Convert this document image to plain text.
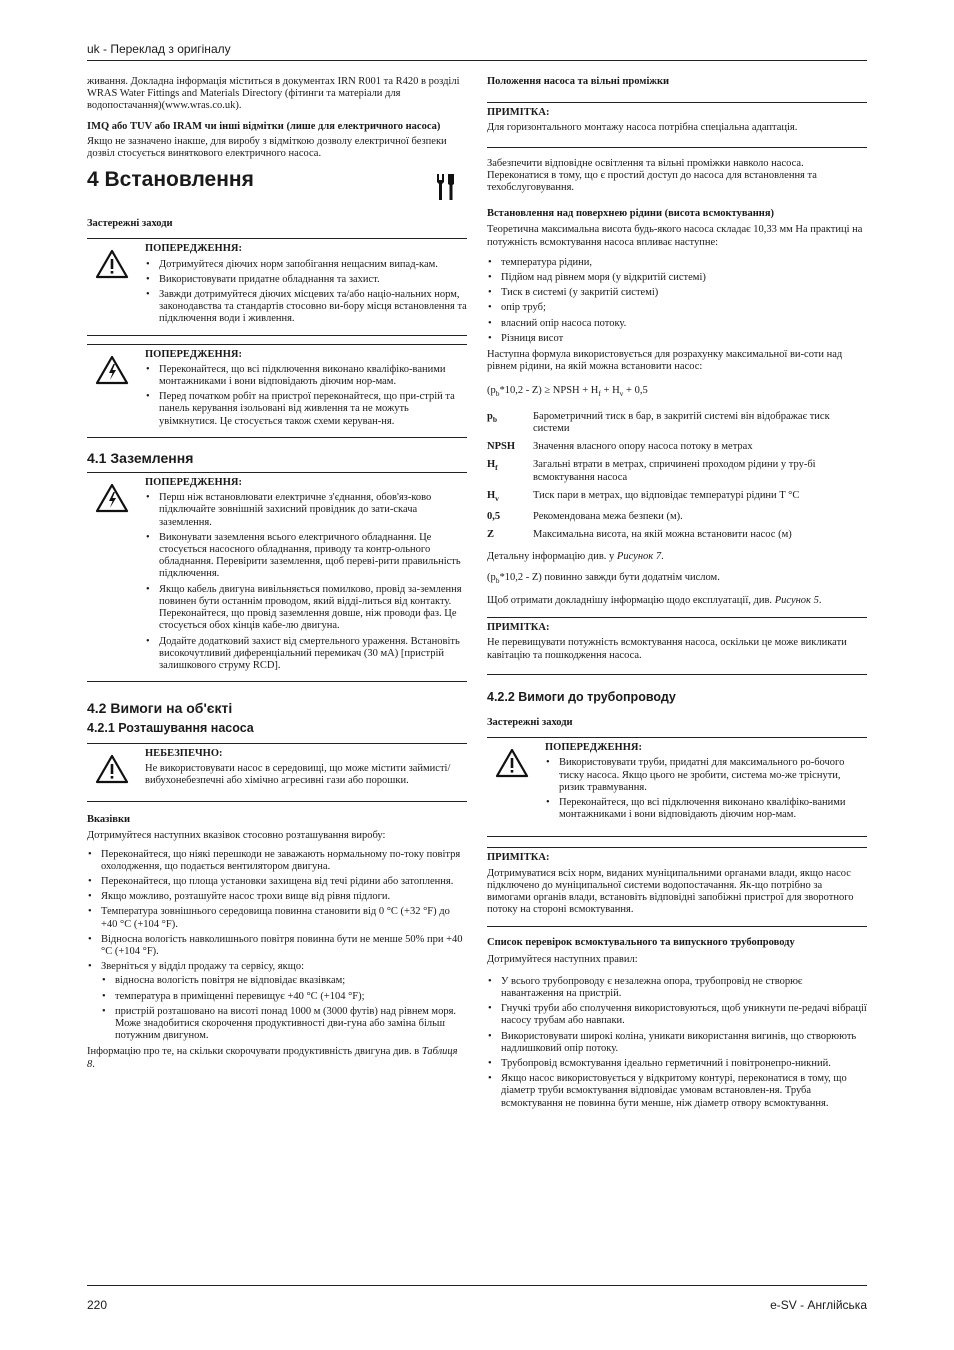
uk - Переклад з оригіналу

живання. Докладна інформація міститься в документах IRN R001 та R420 в розділі WRAS Water Fittings and Materials Directory (фітинги та матеріали для водопостачання)(www.wras.co.uk).

IMQ або TUV або IRAM чи інші відмітки (лише для електричного насоса)

Якщо не зазначено інакше, для виробу з відміткою дозволу електричної безпеки дозвіл стосується виняткового електричного насоса.

4 Встановлення

Застережні заходи

ПОПЕРЕДЖЕННЯ:
• Дотримуйтеся діючих норм запобігання нещасним випад-кам.
• Використовувати придатне обладнання та захист.
• Завжди дотримуйтеся діючих місцевих та/або націо-нальних норм, законодавства та стандартів стосовно ви-бору місця встановлення та підключення води і живлення.
ПОПЕРЕДЖЕННЯ:
• Переконайтеся, що всі підключення виконано кваліфіко-ваними монтажниками і вони відповідають діючим нор-мам.
• Перед початком робіт на пристрої переконайтеся, що при-стрій та панель керування ізольовані від живлення та не можуть увімкнутися. Це стосується також схеми керуван-ня.
4.1 Заземлення
ПОПЕРЕДЖЕННЯ:
• Перш ніж встановлювати електричне з'єднання, обов'яз-ково підключайте зовнішній захисний провідник до зати-скача заземлення.
• Виконувати заземлення всього електричного обладнання. Це стосується насосного обладнання, приводу та контр-ольного обладнання. Перевірити заземлення, щоб переві-рити правильність підключення.
• Якщо кабель двигуна вивільняється помилково, провід за-землення повинен бути останнім проводом, який відді-литься від контакту. Переконайтеся, що провід заземлення довше, ніж проводи фаз. Це стосується обох кінців кабе-лю двигуна.
• Додайте додатковий захист від смертельного ураження. Встановіть високочутливий диференціальний перемикач (30 мА) [пристрій залишкового струму RCD].
4.2 Вимоги на об'єкті
4.2.1 Розташування насоса
НЕБЕЗПЕЧНО:
Не використовувати насос в середовищі, що може містити займисті/вибухонебезпечні або хімічно агресивні гази або порошки.

Вказівки

Дотримуйтеся наступних вказівок стосовно розташування виробу:

• Переконайтеся, що ніякі перешкоди не заважають нормальному по-току повітря охолодження, що подається вентилятором двигуна.
• Переконайтеся, що площа установки захищена від течі рідини або затоплення.
• Якщо можливо, розташуйте насос трохи вище від рівня підлоги.
• Температура зовнішнього середовища повинна становити від 0 °C (+32 °F) до +40 °C (+104 °F).
• Відносна вологість навколишнього повітря повинна бути не менше 50% при +40 °C (+104 °F).
• Зверніться у відділ продажу та сервісу, якщо:
• відносна вологість повітря не відповідає вказівкам;
• температура в приміщенні перевищує +40 °C (+104 °F);
• пристрій розташовано на висоті понад 1000 м (3000 футів) над рівнем моря. Може знадобитися скорочення продуктивності дви-гуна або заміна більш потужним двигуном.

Інформацію про те, на скільки скорочувати продуктивність двигуна див. в Таблиця 8.

Положення насоса та вільні проміжки

ПРИМІТКА:
Для горизонтального монтажу насоса потрібна спеціальна адаптація.

Забезпечити відповідне освітлення та вільні проміжки навколо насоса. Переконатися в тому, що є простий доступ до насоса для встановлення та техобслуговування.

Встановлення над поверхнею рідини (висота всмоктування)

Теоретична максимальна висота будь-якого насоса складає 10,33 мм На практиці на потужність всмоктування насоса впливає наступне:

• температура рідини,
• Підйом над рівнем моря (у відкритій системі)
• Тиск в системі (у закритій системі)
• опір труб;
• власний опір насоса потоку.
• Різниця висот

Наступна формула використовується для розрахунку максимальної ви-соти над рівнем рідини, на якій можна встановити насос:

$(p_b*10,2 - Z)$ ≥ NPSH + $H_f + H_v + 0,5$

$p_b$	Барометричний тиск в бар, в закритій системі він відображає тиск системи
NPSH	Значення власного опору насоса потоку в метрах
$H_f$	Загальні втрати в метрах, спричинені проходом рідини у тру-бі всмоктування насоса
$H_v$	Тиск пари в метрах, що відповідає температурі рідини T °C
0,5	Рекомендована межа безпеки (м).
Z	Максимальна висота, на якій можна встановити насос (м)

Детальну інформацію див. у Рисунок 7.

$(p_b*10,2 - Z)$ повинно завжди бути додатнім числом.

Щоб отримати докладнішу інформацію щодо експлуатації, див. Рисунок 5.

ПРИМІТКА:
Не перевищувати потужність всмоктування насоса, оскільки це може викликати кавітацію та пошкодження насоса.
4.2.2 Вимоги до трубопроводу

Застережні заходи

ПОПЕРЕДЖЕННЯ:
• Використовувати труби, придатні для максимального ро-бочого тиску насоса. Якщо цього не зробити, система мо-же тріснути, ризик травмування.
• Переконайтеся, що всі підключення виконано кваліфіко-ваними монтажниками і вони відповідають діючим нор-мам.
ПРИМІТКА:
Дотримуватися всіх норм, виданих муніципальними органами влади, якщо насос підключено до муніципальної системи водопостачання. Як-що потрібно за вимогами органів влади, встановіть відповідні запобіжні пристрої для зворотного потоку на стороні всмоктування.

Список перевірок всмоктувального та випускного трубопроводу

Дотримуйтеся наступних правил:

• У всього трубопроводу є незалежна опора, трубопровід не створює навантаження на пристрій.
• Гнучкі труби або сполучення використовуються, щоб уникнути пе-редачі вібрації насосу трубам або навпаки.
• Використовувати широкі коліна, уникати використання вигинів, що створюють надлишковий опір потоку.
• Трубопровід всмоктування ідеально герметичний і повітронепро-никний.
• Якщо насос використовується у відкритому контурі, переконатися в тому, що діаметр труби всмоктування відповідає умовам встановлен-ня. Труба всмоктування не повинна бути менше, ніж діаметр отвору всмоктування.
220	e-SV - Англійська
